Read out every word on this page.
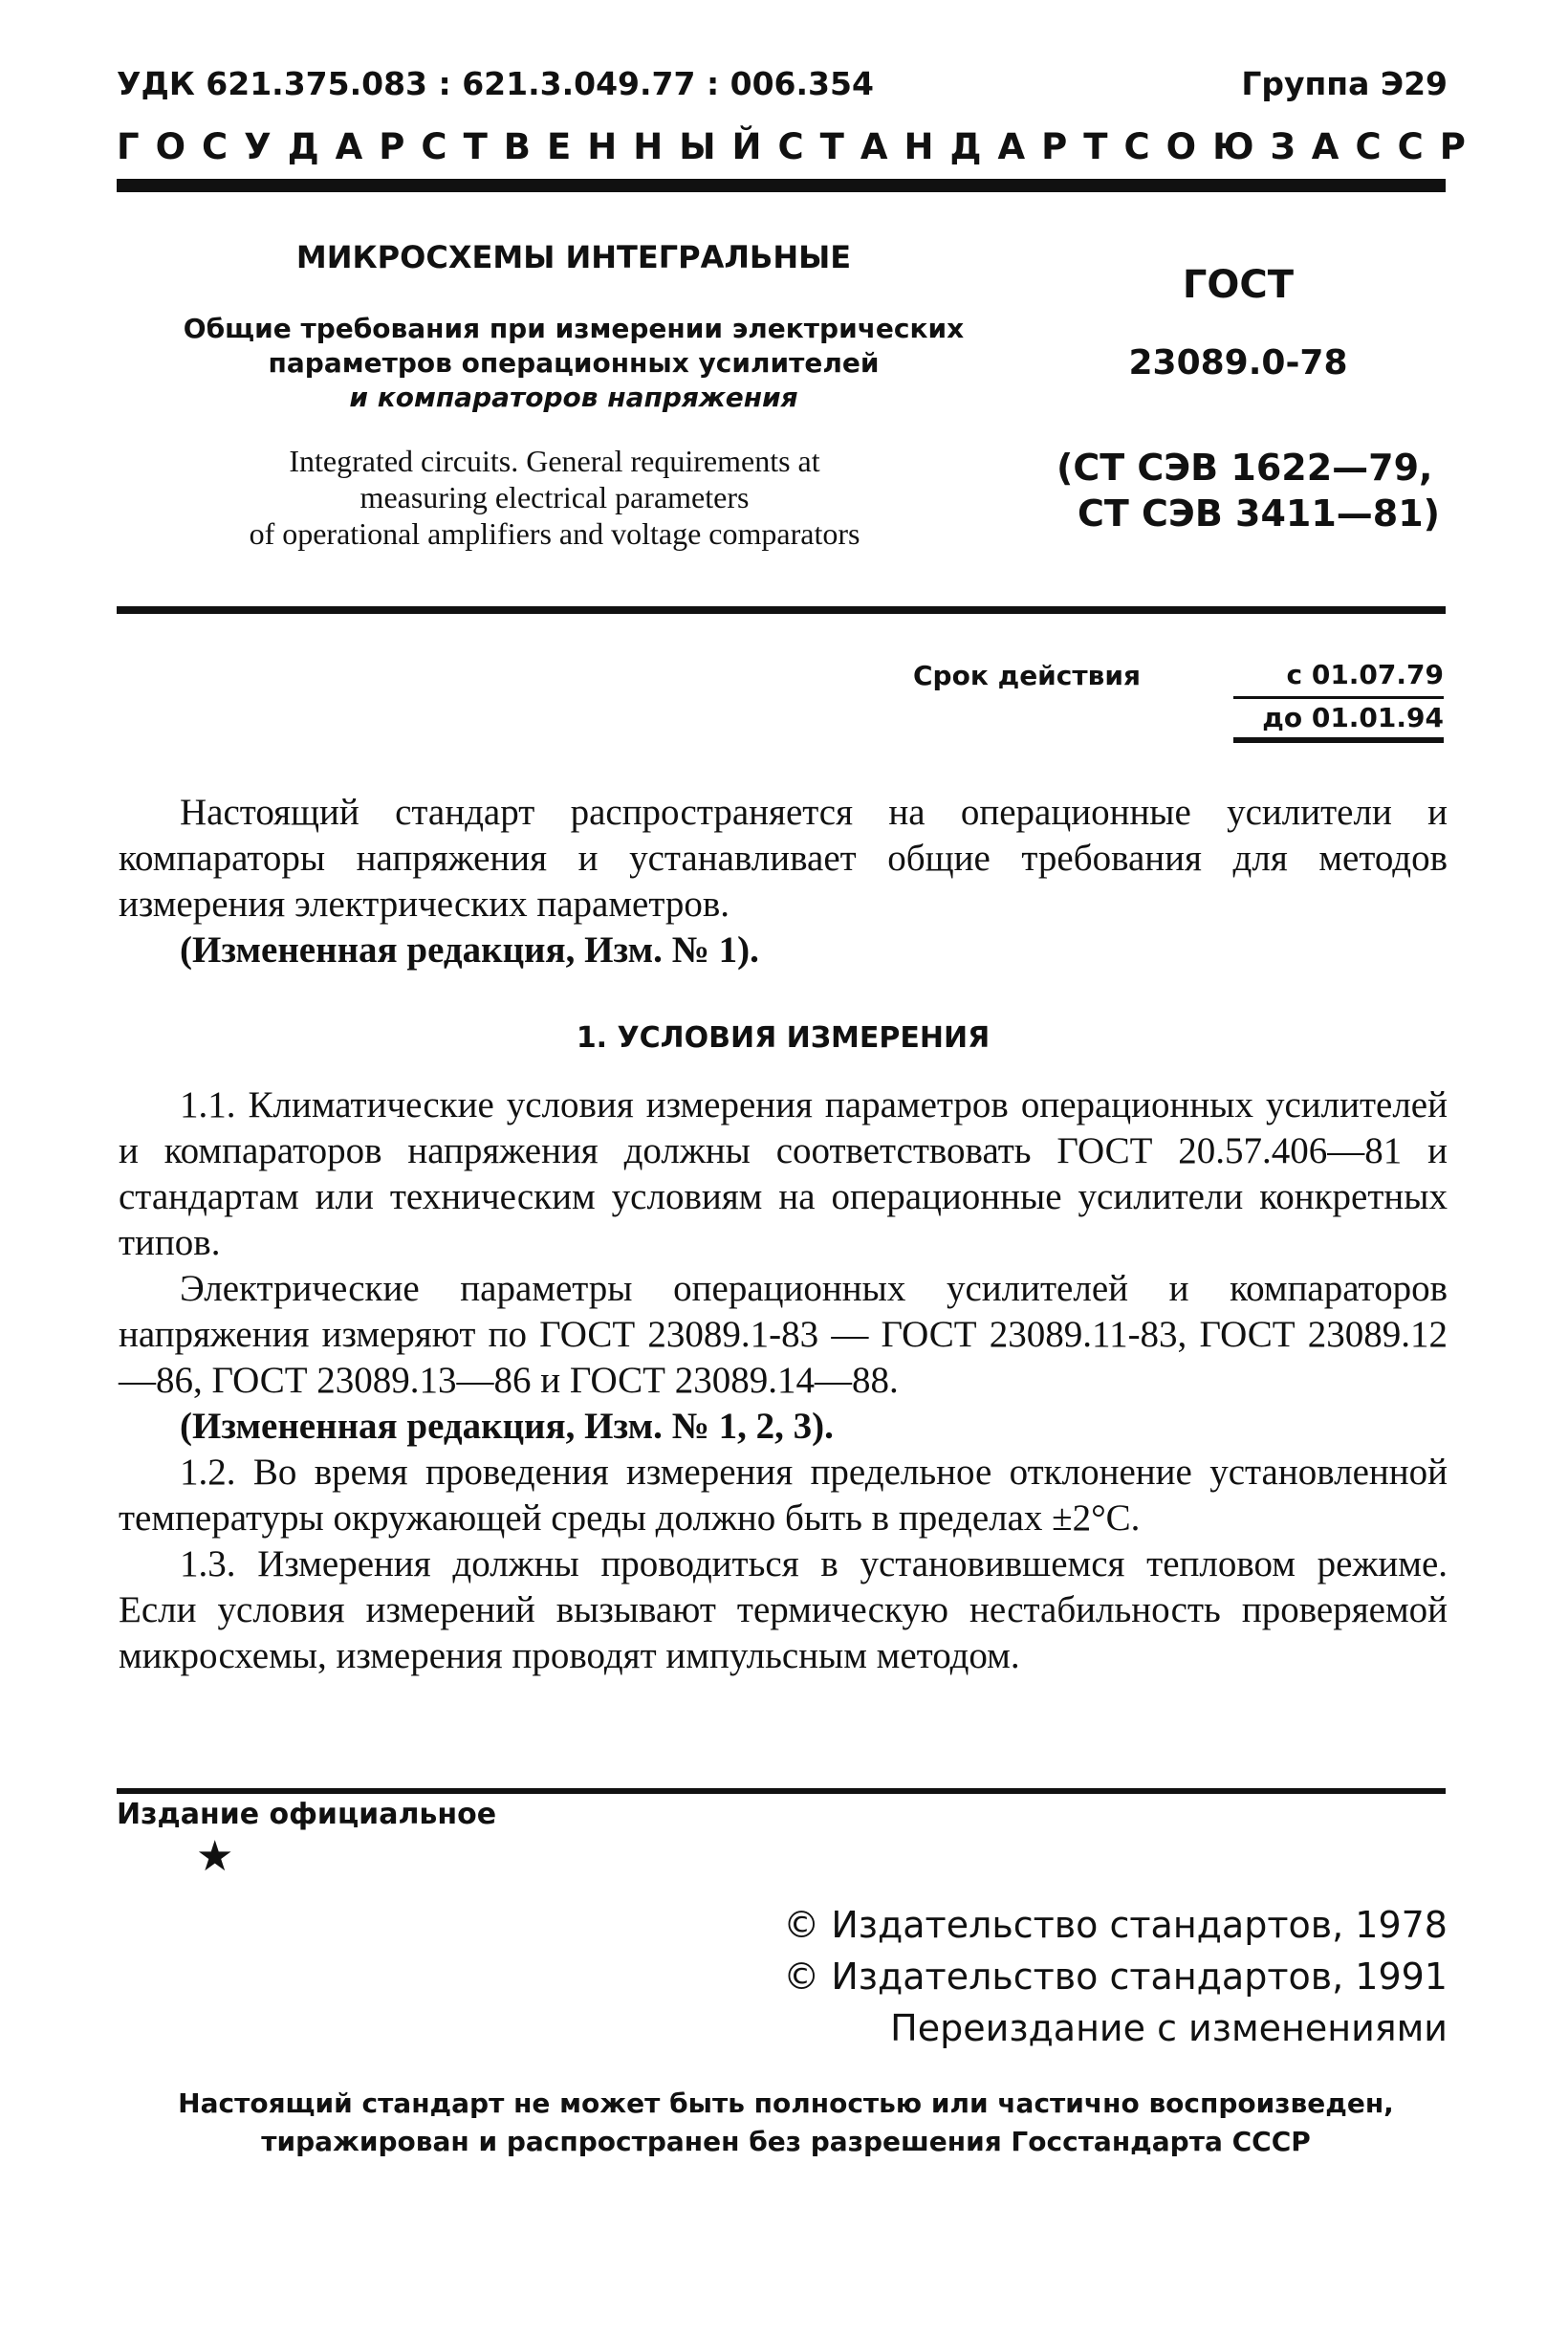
УДК 621.375.083 : 621.3.049.77 : 006.354	Группа Э29
ГОСУДАРСТВЕННЫЙ СТАНДАРТ СОЮЗА ССР
МИКРОСХЕМЫ ИНТЕГРАЛЬНЫЕ
Общие требования при измерении электрических
параметров операционных усилителей
и компараторов напряжения
ГОСТ
23089.0-78
Integrated circuits. General requirements at
measuring electrical parameters
of operational amplifiers and voltage comparators
(СТ СЭВ 1622—79,
СТ СЭВ 3411—81)
Срок действия	с 01.07.79
до 01.01.94

Настоящий стандарт распространяется на операционные усилители и компараторы напряжения и устанавливает общие требования для методов измерения электрических параметров.

(Измененная редакция, Изм. № 1).

1. УСЛОВИЯ ИЗМЕРЕНИЯ

1.1. Климатические условия измерения параметров операционных усилителей и компараторов напряжения должны соответствовать ГОСТ 20.57.406—81 и стандартам или техническим условиям на операционные усилители конкретных типов.

Электрические параметры операционных усилителей и компараторов напряжения измеряют по ГОСТ 23089.1-83 — ГОСТ 23089.11-83, ГОСТ 23089.12—86, ГОСТ 23089.13—86 и ГОСТ 23089.14—88.

(Измененная редакция, Изм. № 1, 2, 3).

1.2. Во время проведения измерения предельное отклонение установленной температуры окружающей среды должно быть в пределах ±2°С.

1.3. Измерения должны проводиться в установившемся тепловом режиме. Если условия измерений вызывают термическую нестабильность проверяемой микросхемы, измерения проводят импульсным методом.

Издание официальное
★
© Издательство стандартов, 1978
© Издательство стандартов, 1991
Переиздание с изменениями
Настоящий стандарт не может быть полностью или частично воспроизведен,
тиражирован и распространен без разрешения Госстандарта СССР
